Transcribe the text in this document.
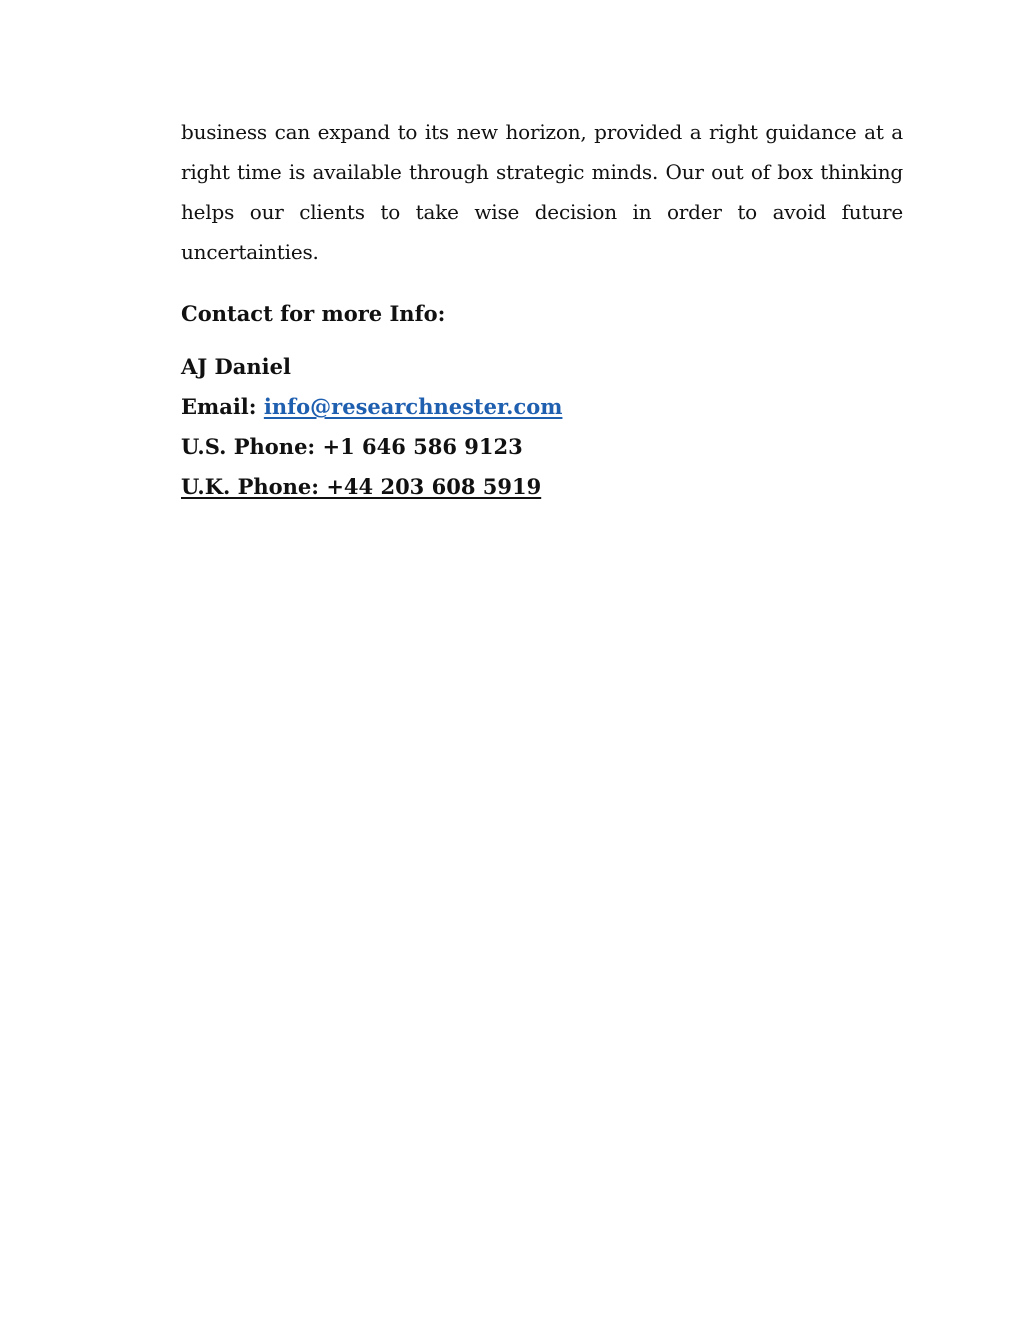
business can expand to its new horizon, provided a right guidance at a right time is available through strategic minds. Our out of box thinking helps our clients to take wise decision in order to avoid future uncertainties.

Contact for more Info:
AJ Daniel
Email: info@researchnester.com
U.S. Phone: +1 646 586 9123
U.K. Phone: +44 203 608 5919
